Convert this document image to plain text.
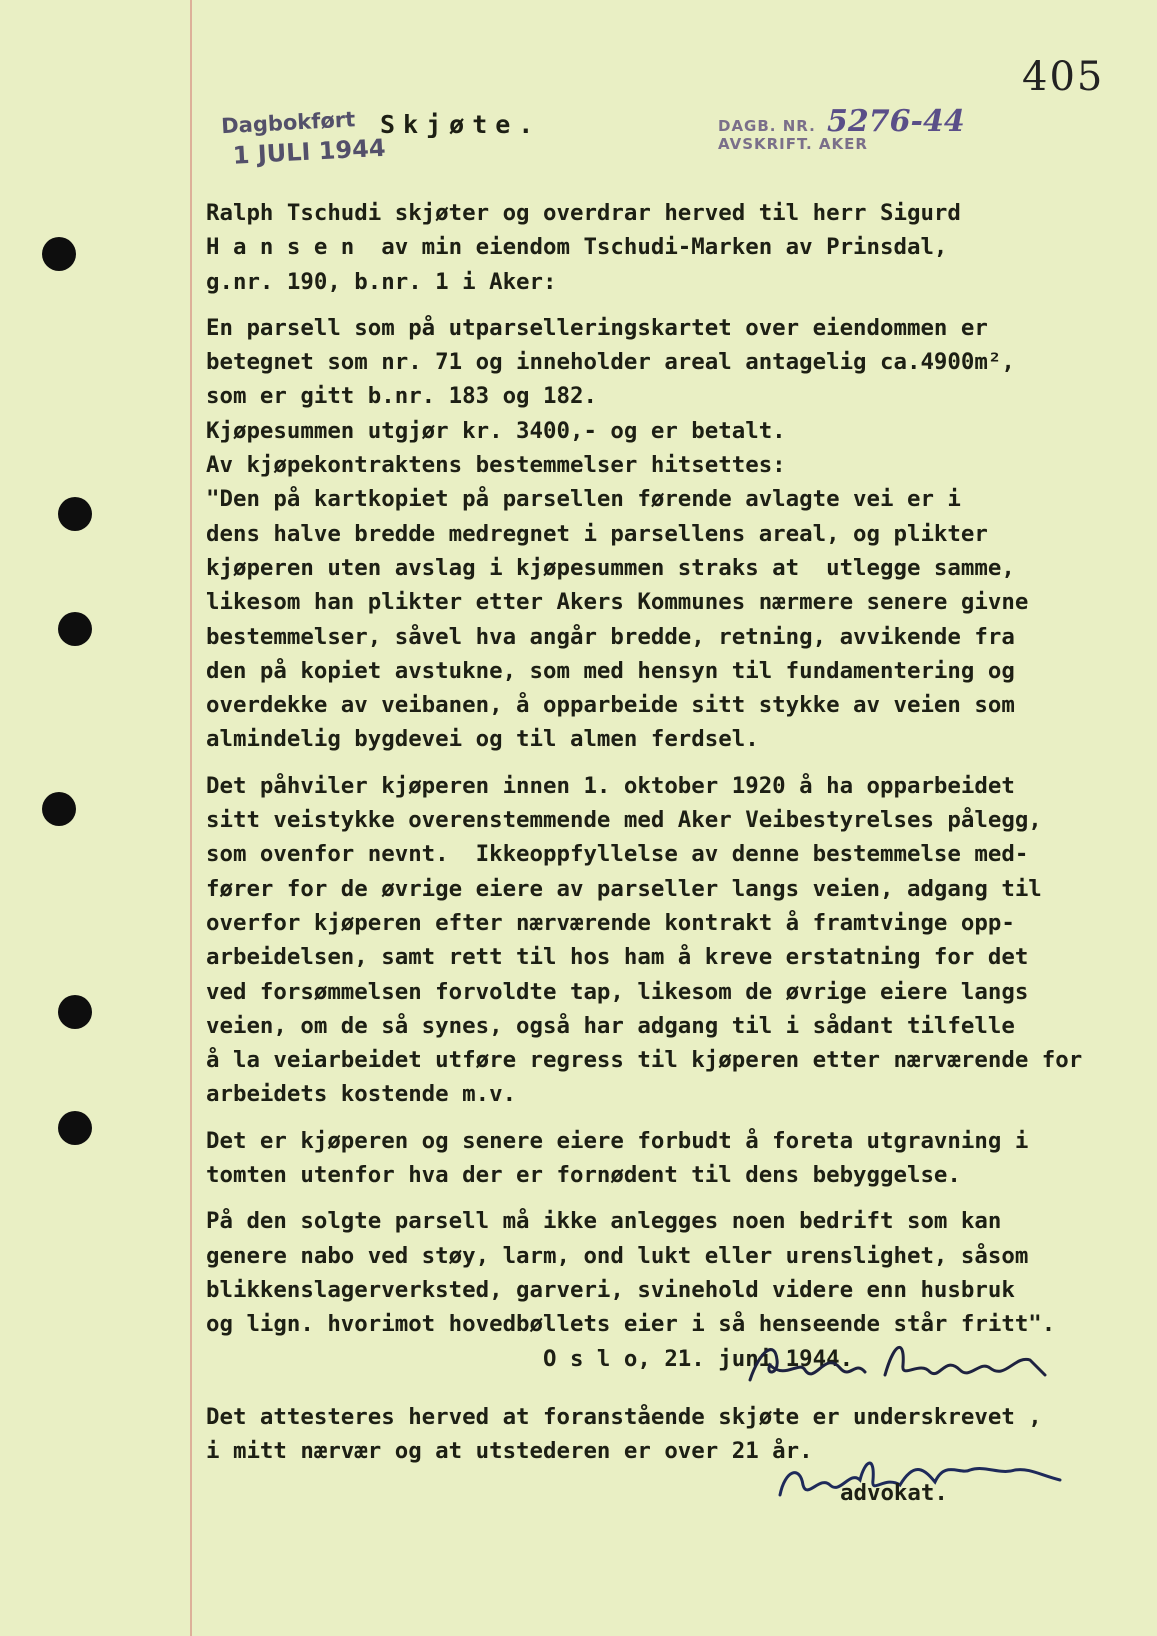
405
Dagbokført
1 JULI 1944
Skjøte.	DAGB. NR. 5276-44
AVSKRIFT. AKER
Ralph Tschudi skjøter og overdrar herved til herr Sigurd
H a n s e n  av min eiendom Tschudi-Marken av Prinsdal,
g.nr. 190, b.nr. 1 i Aker:
En parsell som på utparselleringskartet over eiendommen er
betegnet som nr. 71 og inneholder areal antagelig ca.4900m²,
som er gitt b.nr. 183 og 182.
Kjøpesummen utgjør kr. 3400,- og er betalt.
Av kjøpekontraktens bestemmelser hitsettes:
"Den på kartkopiet på parsellen førende avlagte vei er i
dens halve bredde medregnet i parsellens areal, og plikter
kjøperen uten avslag i kjøpesummen straks at  utlegge samme,
likesom han plikter etter Akers Kommunes nærmere senere givne
bestemmelser, såvel hva angår bredde, retning, avvikende fra
den på kopiet avstukne, som med hensyn til fundamentering og
overdekke av veibanen, å opparbeide sitt stykke av veien som
almindelig bygdevei og til almen ferdsel.
Det påhviler kjøperen innen 1. oktober 1920 å ha opparbeidet
sitt veistykke overenstemmende med Aker Veibestyrelses pålegg,
som ovenfor nevnt.  Ikkeoppfyllelse av denne bestemmelse med-
fører for de øvrige eiere av parseller langs veien, adgang til
overfor kjøperen efter nærværende kontrakt å framtvinge opp-
arbeidelsen, samt rett til hos ham å kreve erstatning for det
ved forsømmelsen forvoldte tap, likesom de øvrige eiere langs
veien, om de så synes, også har adgang til i sådant tilfelle
å la veiarbeidet utføre regress til kjøperen etter nærværende for
arbeidets kostende m.v.
Det er kjøperen og senere eiere forbudt å foreta utgravning i
tomten utenfor hva der er fornødent til dens bebyggelse.
På den solgte parsell må ikke anlegges noen bedrift som kan
genere nabo ved støy, larm, ond lukt eller urenslighet, såsom
blikkenslagerverksted, garveri, svinehold videre enn husbruk
og lign. hvorimot hovedbøllets eier i så henseende står fritt".
O s l o, 21. juni 1944.
Det attesteres herved at foranstående skjøte er underskrevet ,
i mitt nærvær og at utstederen er over 21 år.
advokat.
